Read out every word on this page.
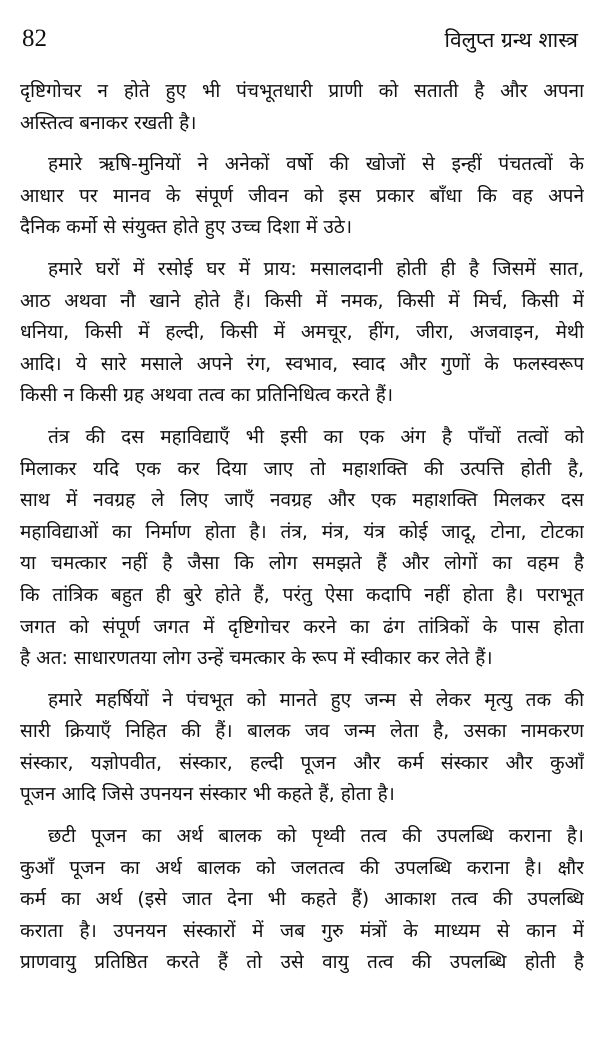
82	विलुप्त ग्रन्थ शास्त्र
दृष्टिगोचर न होते हुए भी पंचभूतधारी प्राणी को सताती है और अपना
अस्तित्व बनाकर रखती है।
हमारे ऋषि-मुनियों ने अनेकों वर्षो की खोजों से इन्हीं पंचतत्वों के
आधार पर मानव के संपूर्ण जीवन को इस प्रकार बाँधा कि वह अपने
दैनिक कर्मो से संयुक्त होते हुए उच्च दिशा में उठे।
हमारे घरों में रसोई घर में प्राय: मसालदानी होती ही है जिसमें सात,
आठ अथवा नौ खाने होते हैं। किसी में नमक, किसी में मिर्च, किसी में
धनिया, किसी में हल्दी, किसी में अमचूर, हींग, जीरा, अजवाइन, मेथी
आदि। ये सारे मसाले अपने रंग, स्वभाव, स्वाद और गुणों के फलस्वरूप
किसी न किसी ग्रह अथवा तत्व का प्रतिनिधित्व करते हैं।
तंत्र की दस महाविद्याएँ भी इसी का एक अंग है पाँचों तत्वों को
मिलाकर यदि एक कर दिया जाए तो महाशक्ति की उत्पत्ति होती है,
साथ में नवग्रह ले लिए जाएँ नवग्रह और एक महाशक्ति मिलकर दस
महाविद्याओं का निर्माण होता है। तंत्र, मंत्र, यंत्र कोई जादू, टोना, टोटका
या चमत्कार नहीं है जैसा कि लोग समझते हैं और लोगों का वहम है
कि तांत्रिक बहुत ही बुरे होते हैं, परंतु ऐसा कदापि नहीं होता है। पराभूत
जगत को संपूर्ण जगत में दृष्टिगोचर करने का ढंग तांत्रिकों के पास होता
है अत: साधारणतया लोग उन्हें चमत्कार के रूप में स्वीकार कर लेते हैं।
हमारे महर्षियों ने पंचभूत को मानते हुए जन्म से लेकर मृत्यु तक की
सारी क्रियाएँ निहित की हैं। बालक जव जन्म लेता है, उसका नामकरण
संस्कार, यज्ञोपवीत, संस्कार, हल्दी पूजन और कर्म संस्कार और कुआँ
पूजन आदि जिसे उपनयन संस्कार भी कहते हैं, होता है।
छटी पूजन का अर्थ बालक को पृथ्वी तत्व की उपलब्धि कराना है।
कुआँ पूजन का अर्थ बालक को जलतत्व की उपलब्धि कराना है। क्षौर
कर्म का अर्थ (इसे जात देना भी कहते हैं) आकाश तत्व की उपलब्धि
कराता है। उपनयन संस्कारों में जब गुरु मंत्रों के माध्यम से कान में
प्राणवायु प्रतिष्ठित करते हैं तो उसे वायु तत्व की उपलब्धि होती है
